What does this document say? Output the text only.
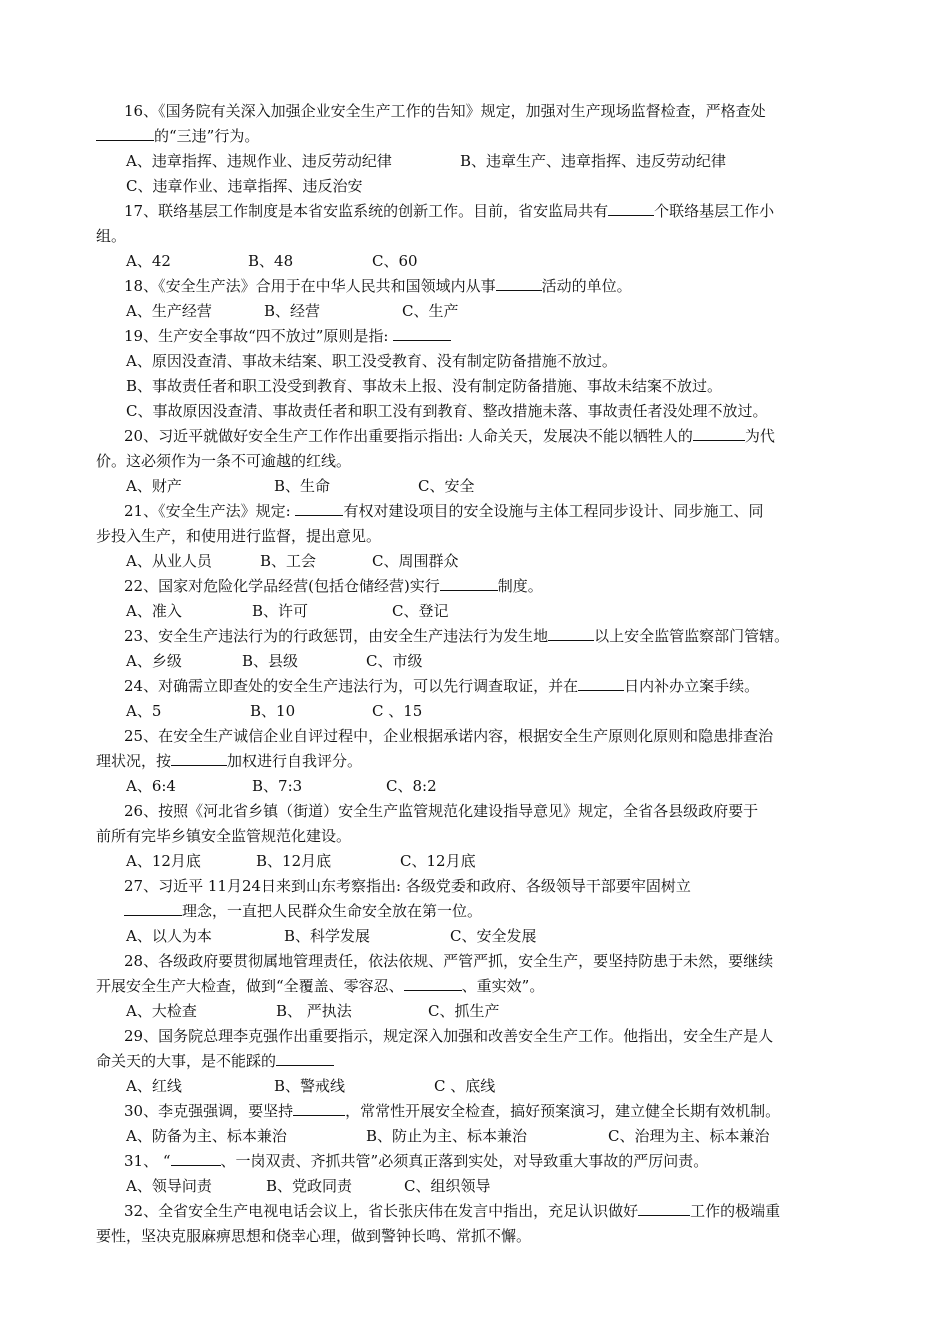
16、《国务院有关深入加强企业安全生产工作的告知》规定，加强对生产现场监督检查，严格查处
的“三违”行为。
A、违章指挥、违规作业、违反劳动纪律	B、违章生产、违章指挥、违反劳动纪律
C、违章作业、违章指挥、违反治安
17、联络基层工作制度是本省安监系统的创新工作。目前，省安监局共有	个联络基层工作小
组。
A、42	B、48	C、60
18、《安全生产法》合用于在中华人民共和国领域内从事	活动的单位。
A、生产经营	B、经营	C、生产
19、生产安全事故“四不放过”原则是指:
A、原因没查清、事故未结案、职工没受教育、没有制定防备措施不放过。
B、事故责任者和职工没受到教育、事故未上报、没有制定防备措施、事故未结案不放过。
C、事故原因没查清、事故责任者和职工没有到教育、整改措施未落、事故责任者没处理不放过。
20、习近平就做好安全生产工作作出重要指示指出: 人命关天，发展决不能以牺牲人的	为代
价。这必须作为一条不可逾越的红线。
A、财产	B、生命	C、安全
21、《安全生产法》规定:	有权对建设项目的安全设施与主体工程同步设计、同步施工、同
步投入生产，和使用进行监督，提出意见。
A、从业人员	B、工会	C、周围群众
22、国家对危险化学品经营(包括仓储经营)实行	制度。
A、准入	B、许可	C、登记
23、安全生产违法行为的行政惩罚，由安全生产违法行为发生地	以上安全监管监察部门管辖。
A、乡级	B、县级	C、市级
24、对确需立即查处的安全生产违法行为，可以先行调查取证，并在	日内补办立案手续。
A、5	B、10	C 、15
25、在安全生产诚信企业自评过程中，企业根据承诺内容，根据安全生产原则化原则和隐患排查治
理状况，按	加权进行自我评分。
A、6:4	B、7:3	C、8:2
26、按照《河北省乡镇（街道）安全生产监管规范化建设指导意见》规定，全省各县级政府要于
前所有完毕乡镇安全监管规范化建设。
A、12月底	B、12月底	C、12月底
27、习近平 11月24日来到山东考察指出: 各级党委和政府、各级领导干部要牢固树立
理念，一直把人民群众生命安全放在第一位。
A、以人为本	B、科学发展	C、安全发展
28、各级政府要贯彻属地管理责任，依法依规、严管严抓，安全生产，要坚持防患于未然，要继续
开展安全生产大检查，做到“全覆盖、零容忍、	、重实效”。
A、大检查	B、 严执法	C、抓生产
29、国务院总理李克强作出重要指示，规定深入加强和改善安全生产工作。他指出，安全生产是人
命关天的大事，是不能踩的
A、红线	B、警戒线	C 、底线
30、李克强强调，要坚持	，常常性开展安全检查，搞好预案演习，建立健全长期有效机制。
A、防备为主、标本兼治	B、防止为主、标本兼治	C、治理为主、标本兼治
31、 “	、一岗双责、齐抓共管”必须真正落到实处，对导致重大事故的严厉问责。
A、领导问责	B、党政同责	C、组织领导
32、全省安全生产电视电话会议上，省长张庆伟在发言中指出，充足认识做好	工作的极端重
要性，坚决克服麻痹思想和侥幸心理，做到警钟长鸣、常抓不懈。
